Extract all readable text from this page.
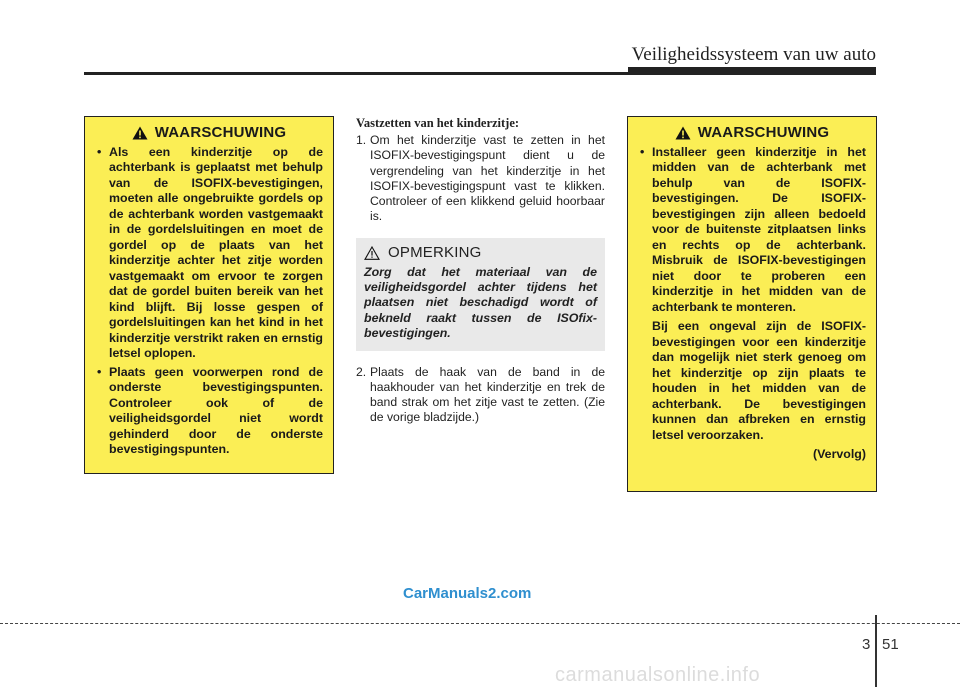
Veiligheidssysteem van uw auto
WAARSCHUWING
• Als een kinderzitje op de achterbank is geplaatst met behulp van de ISOFIX-bevestigingen, moeten alle ongebruikte gordels op de achterbank worden vastgemaakt in de gordelsluitingen en moet de gordel op de plaats van het kinderzitje achter het zitje worden vastgemaakt om ervoor te zorgen dat de gordel buiten bereik van het kind blijft. Bij losse gespen of gordelsluitingen kan het kind in het kinderzitje verstrikt raken en ernstig letsel oplopen.
• Plaats geen voorwerpen rond de onderste bevestigingspunten. Controleer ook of de veiligheidsgordel niet wordt gehinderd door de onderste bevestigingspunten.
Vastzetten van het kinderzitje:
1. Om het kinderzitje vast te zetten in het ISOFIX-bevestigingspunt dient u de vergrendeling van het kinderzitje in het ISOFIX-bevestigingspunt vast te klikken. Controleer of een klikkend geluid hoorbaar is.
OPMERKING
Zorg dat het materiaal van de veiligheidsgordel achter tijdens het plaatsen niet beschadigd wordt of bekneld raakt tussen de ISOfix-bevestigingen.
2. Plaats de haak van de band in de haakhouder van het kinderzitje en trek de band strak om het zitje vast te zetten. (Zie de vorige bladzijde.)
WAARSCHUWING
• Installeer geen kinderzitje in het midden van de achterbank met behulp van de ISOFIX-bevestigingen. De ISOFIX-bevestigingen zijn alleen bedoeld voor de buitenste zitplaatsen links en rechts op de achterbank. Misbruik de ISOFIX-bevestigingen niet door te proberen een kinderzitje in het midden van de achterbank te monteren.
Bij een ongeval zijn de ISOFIX-bevestigingen voor een kinderzitje dan mogelijk niet sterk genoeg om het kinderzitje op zijn plaats te houden in het midden van de achterbank. De bevestigingen kunnen dan afbreken en ernstig letsel veroorzaken.
(Vervolg)
CarManuals2.com
3 51
carmanualsonline.info
